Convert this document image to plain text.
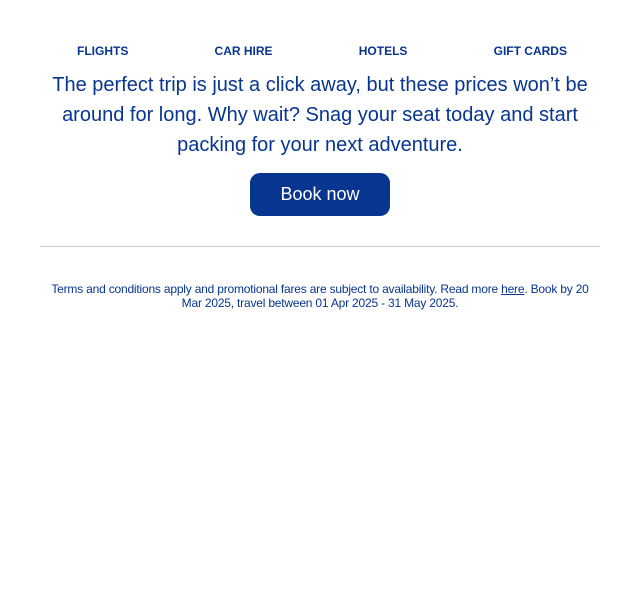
FLIGHTS	CAR HIRE	HOTELS	GIFT CARDS
The perfect trip is just a click away, but these prices won’t be around for long. Why wait? Snag your seat today and start packing for your next adventure.
Book now
Terms and conditions apply and promotional fares are subject to availability. Read more here. Book by 20 Mar 2025, travel between 01 Apr 2025 - 31 May 2025.
